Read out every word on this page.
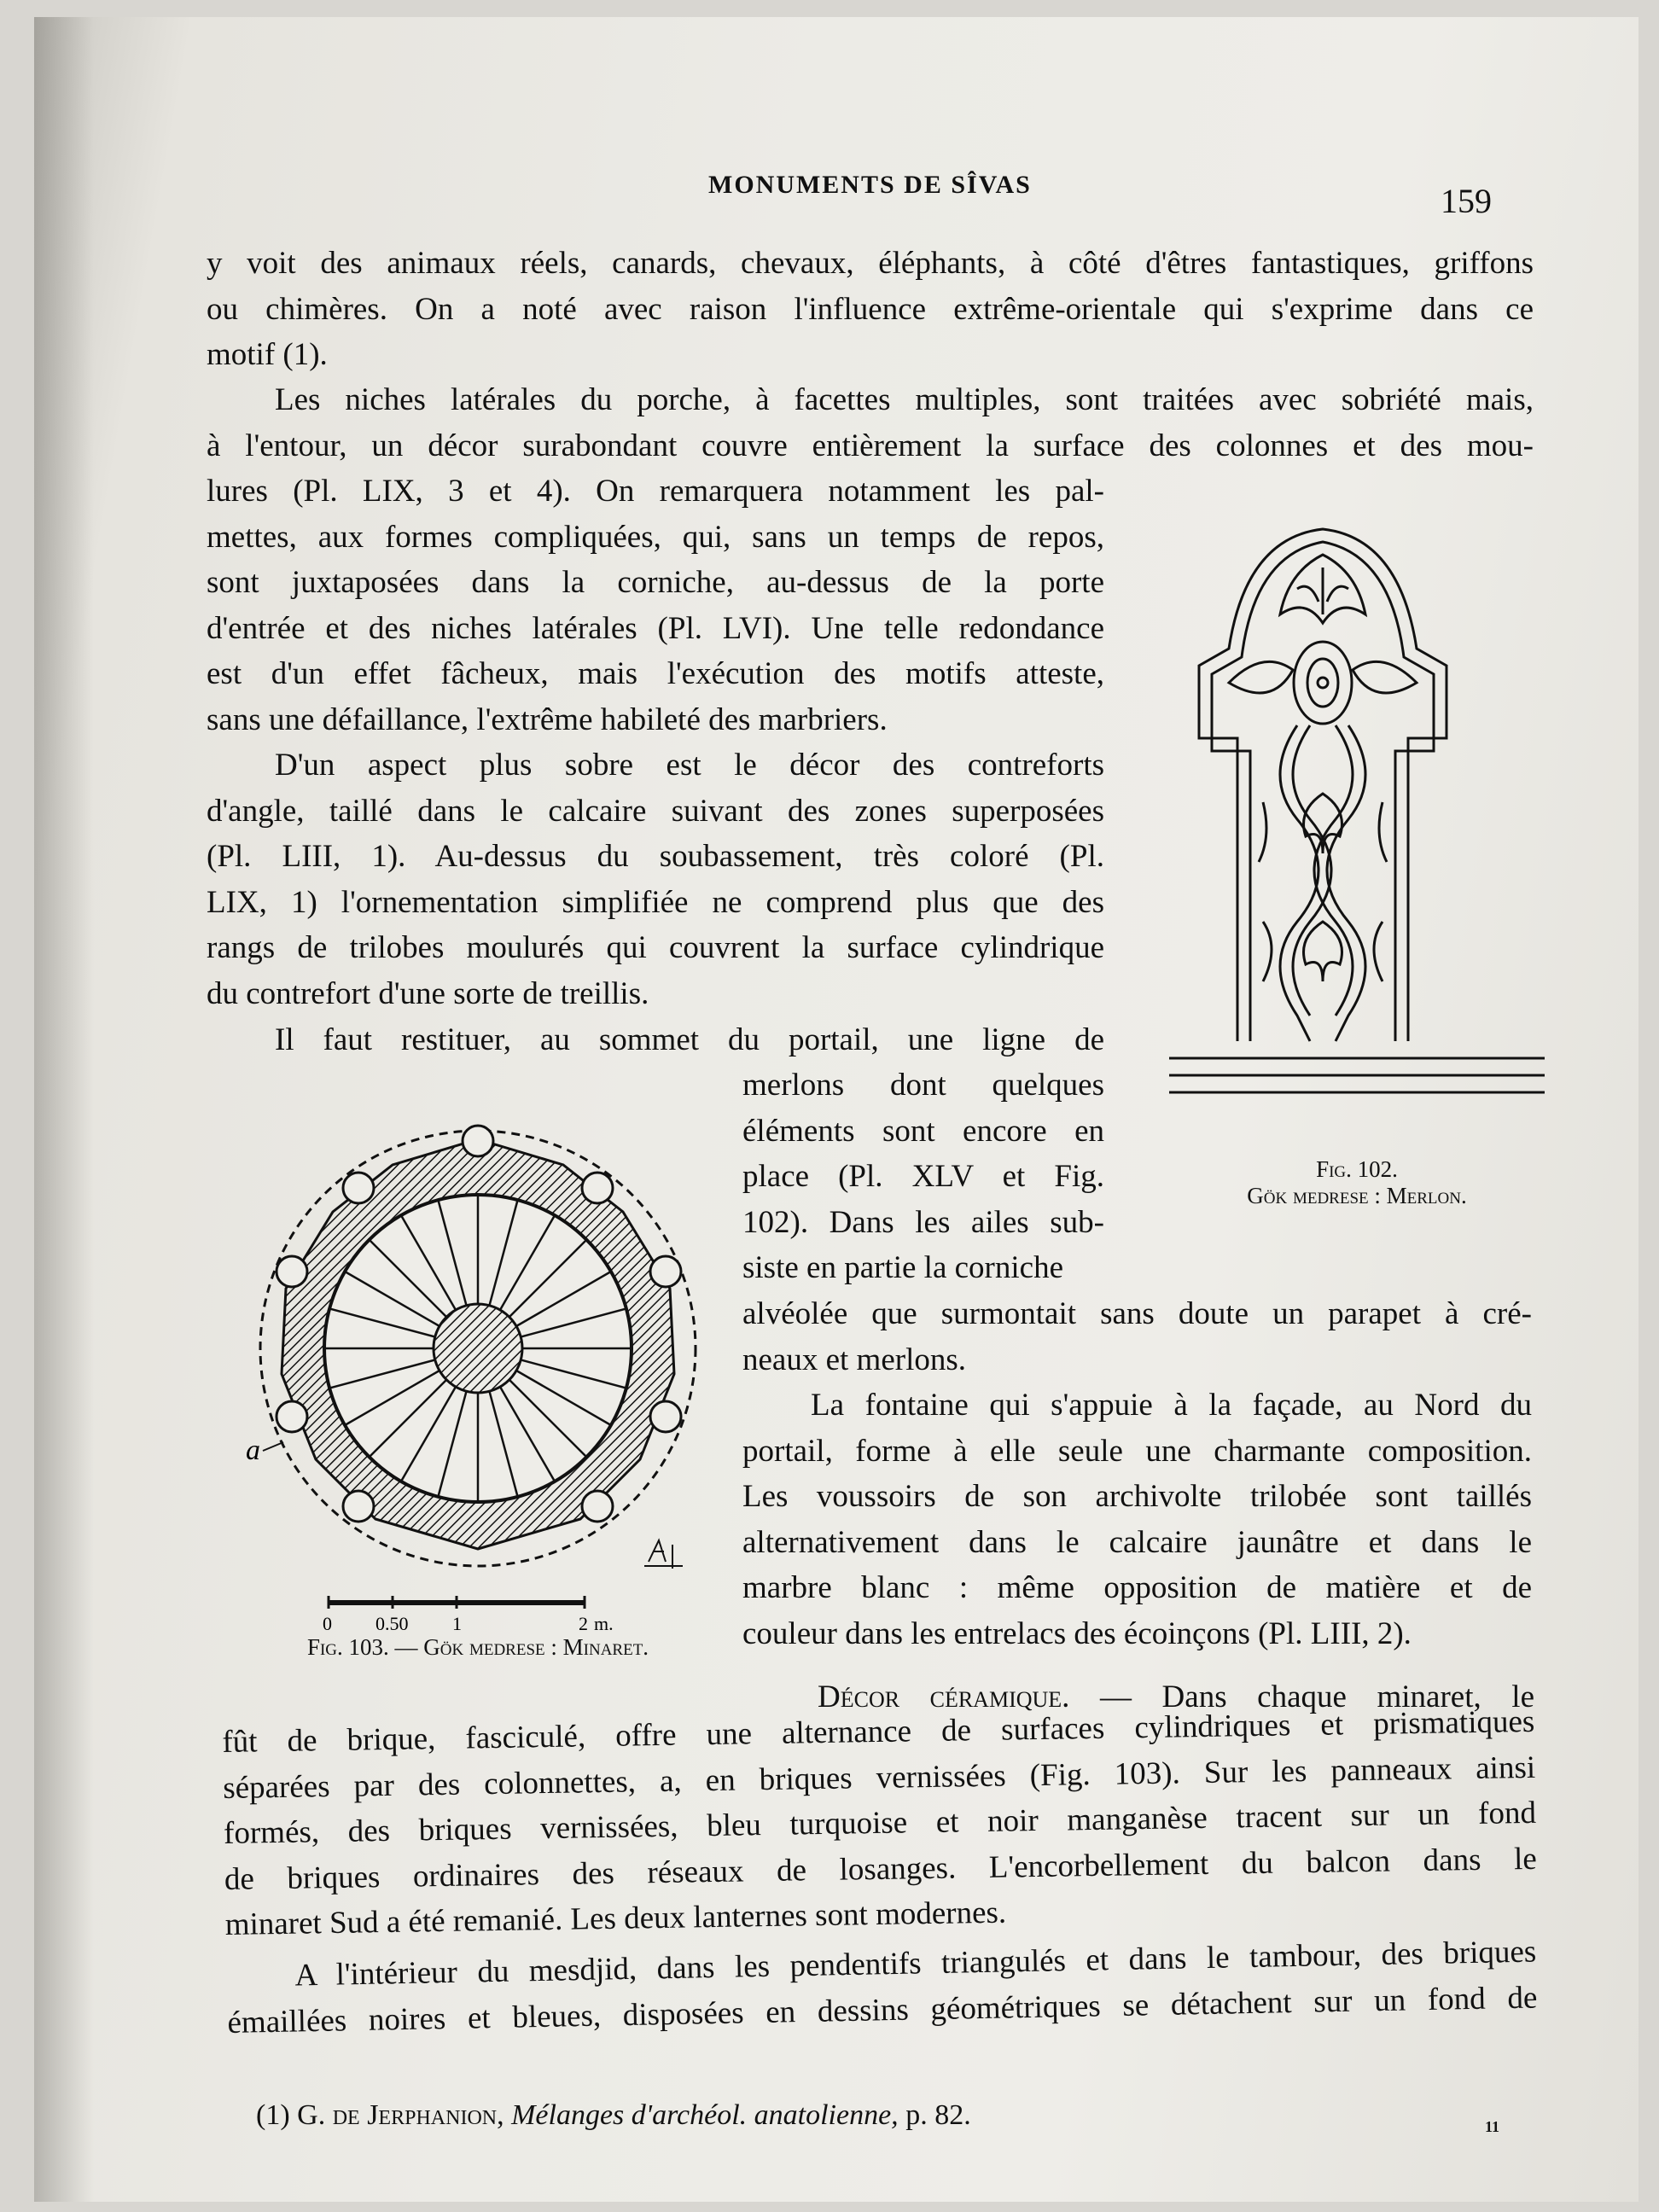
MONUMENTS DE SÎVAS	159
y voit des animaux réels, canards, chevaux, éléphants, à côté d'êtres fantastiques, griffons
ou chimères. On a noté avec raison l'influence extrême-orientale qui s'exprime dans ce
motif (1).
Les niches latérales du porche, à facettes multiples, sont traitées avec sobriété mais,
à l'entour, un décor surabondant couvre entièrement la surface des colonnes et des mou-
lures (Pl. LIX, 3 et 4). On remarquera notamment les pal-
mettes, aux formes compliquées, qui, sans un temps de repos,
sont juxtaposées dans la corniche, au-dessus de la porte
d'entrée et des niches latérales (Pl. LVI). Une telle redondance
est d'un effet fâcheux, mais l'exécution des motifs atteste,
sans une défaillance, l'extrême habileté des marbriers.
D'un aspect plus sobre est le décor des contreforts
d'angle, taillé dans le calcaire suivant des zones superposées
(Pl. LIII, 1). Au-dessus du soubassement, très coloré (Pl.
LIX, 1) l'ornementation simplifiée ne comprend plus que des
rangs de trilobes moulurés qui couvrent la surface cylindrique
du contrefort d'une sorte de treillis.
Il faut restituer, au sommet du portail, une ligne de
merlons dont quelques
éléments sont encore en
place (Pl. XLV et Fig.
102). Dans les ailes sub-
siste en partie la corniche
alvéolée que surmontait sans doute un parapet à cré-
neaux et merlons.
La fontaine qui s'appuie à la façade, au Nord du
portail, forme à elle seule une charmante composition.
Les voussoirs de son archivolte trilobée sont taillés
alternativement dans le calcaire jaunâtre et dans le
marbre blanc : même opposition de matière et de
couleur dans les entrelacs des écoinçons (Pl. LIII, 2).
Décor céramique. — Dans chaque minaret, le
fût de brique, fasciculé, offre une alternance de surfaces cylindriques et prismatiques
séparées par des colonnettes, a, en briques vernissées (Fig. 103). Sur les panneaux ainsi
formés, des briques vernissées, bleu turquoise et noir manganèse tracent sur un fond
de briques ordinaires des réseaux de losanges. L'encorbellement du balcon dans le
minaret Sud a été remanié. Les deux lanternes sont modernes.
A l'intérieur du mesdjid, dans les pendentifs triangulés et dans le tambour, des briques
émaillées noires et bleues, disposées en dessins géométriques se détachent sur un fond de
Fig. 102.
Gök medrese : Merlon.
a
0 0.50 1	2 m.
Fig. 103. — Gök medrese : Minaret.
(1) G. de Jerphanion, Mélanges d'archéol. anatolienne, p. 82.	11
